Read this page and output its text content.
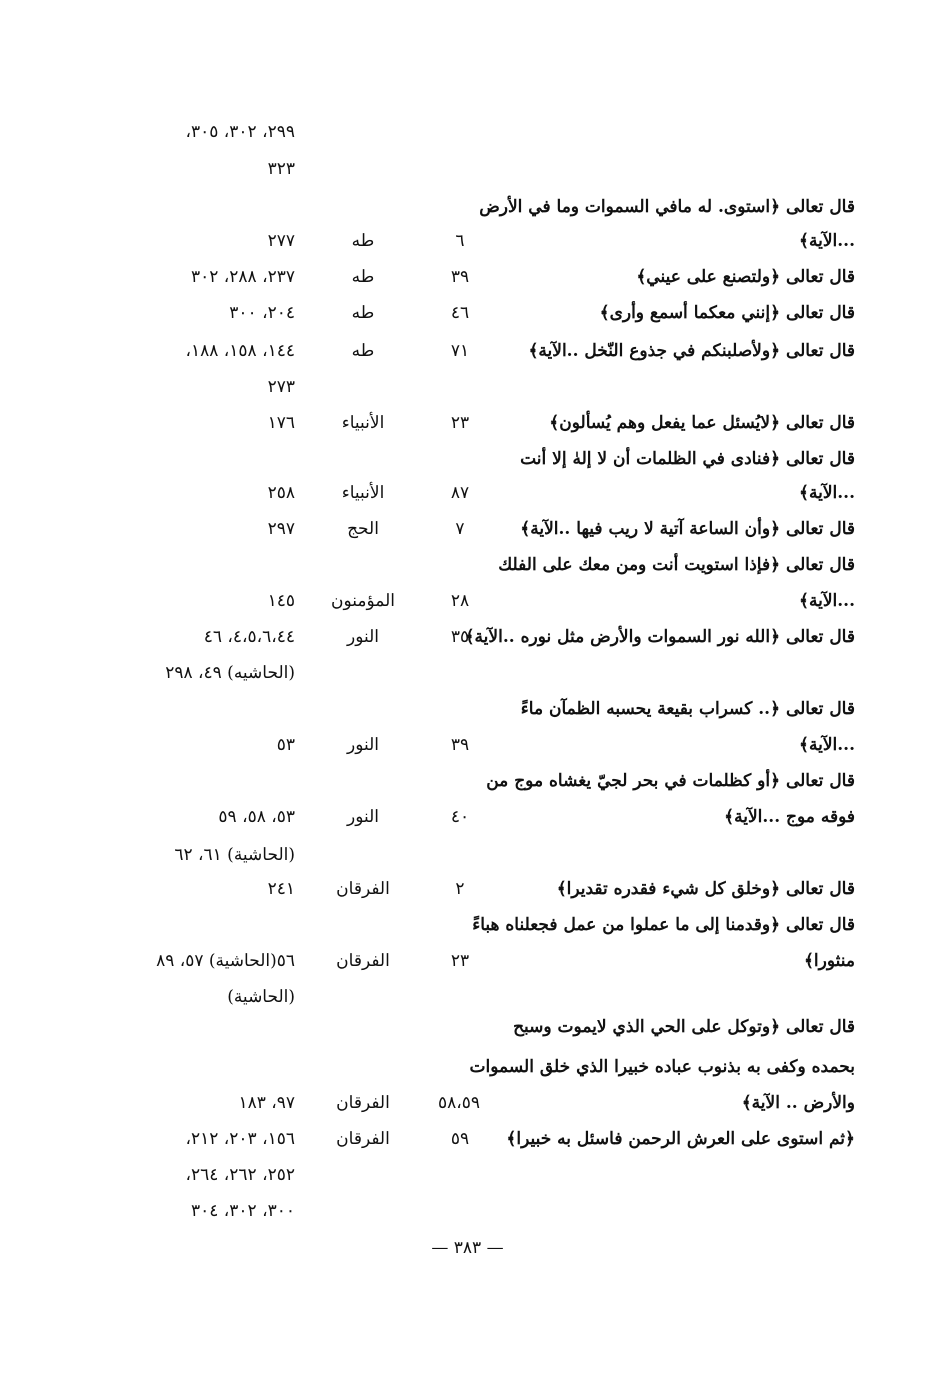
٢٩٩، ٣٠٢، ٣٠٥،
٣٢٣
قال تعالى ﴿استوى. له مافي السموات وما في الأرض
...الآية﴾
٦
طه
٢٧٧
قال تعالى ﴿ولتصنع على عيني﴾
٣٩
طه
٢٣٧، ٢٨٨، ٣٠٢
قال تعالى ﴿إنني معكما أسمع وأرى﴾
٤٦
طه
٢٠٤، ٣٠٠
قال تعالى ﴿ولأصلبنكم في جذوع النّخل ..الآية﴾
٧١
طه
١٤٤، ١٥٨، ١٨٨،
٢٧٣
قال تعالى ﴿لايُسئل عما يفعل وهم يُسألون﴾
٢٣
الأنبياء
١٧٦
قال تعالى ﴿فنادى في الظلمات أن لا إلهٰ إلا أنت
...الآية﴾
٨٧
الأنبياء
٢٥٨
قال تعالى ﴿وأن الساعة آتية لا ريب فيها ..الآية﴾
٧
الحج
٢٩٧
قال تعالى ﴿فإذا استويت أنت ومن معك على الفلك
...الآية﴾
٢٨
المؤمنون
١٤٥
قال تعالى ﴿الله نور السموات والأرض مثل نوره ..الآية﴾
٣٥
النور
٤،٥،٦،٤٤، ٤٦
(الحاشيه) ٤٩، ٢٩٨
قال تعالى ﴿.. كسراب بقيعة يحسبه الظمآن ماءً
...الآية﴾
٣٩
النور
٥٣
قال تعالى ﴿أو كظلمات في بحر لجيّ يغشاه موج من
فوقه موج ...الآية﴾
٤٠
النور
٥٣، ٥٨، ٥٩
(الحاشية) ٦١، ٦٢
قال تعالى ﴿وخلق كل شيء فقدره تقديرا﴾
٢
الفرقان
٢٤١
قال تعالى ﴿وقدمنا إلى ما عملوا من عمل فجعلناه هباءً
منثورا﴾
٢٣
الفرقان
٥٦(الحاشية) ٥٧، ٨٩
(الحاشية)
قال تعالى ﴿وتوكل على الحي الذي لايموت وسبح
بحمده وكفى به بذنوب عباده خبيرا الذي خلق السموات
والأرض .. الآية﴾
٥٨،٥٩
الفرقان
٩٧، ١٨٣
﴿ثم استوى على العرش الرحمن فاسئل به خبيرا﴾
٥٩
الفرقان
١٥٦، ٢٠٣، ٢١٢،
٢٥٢، ٢٦٢، ٢٦٤،
٣٠٠، ٣٠٢، ٣٠٤
— ٣٨٣ —
